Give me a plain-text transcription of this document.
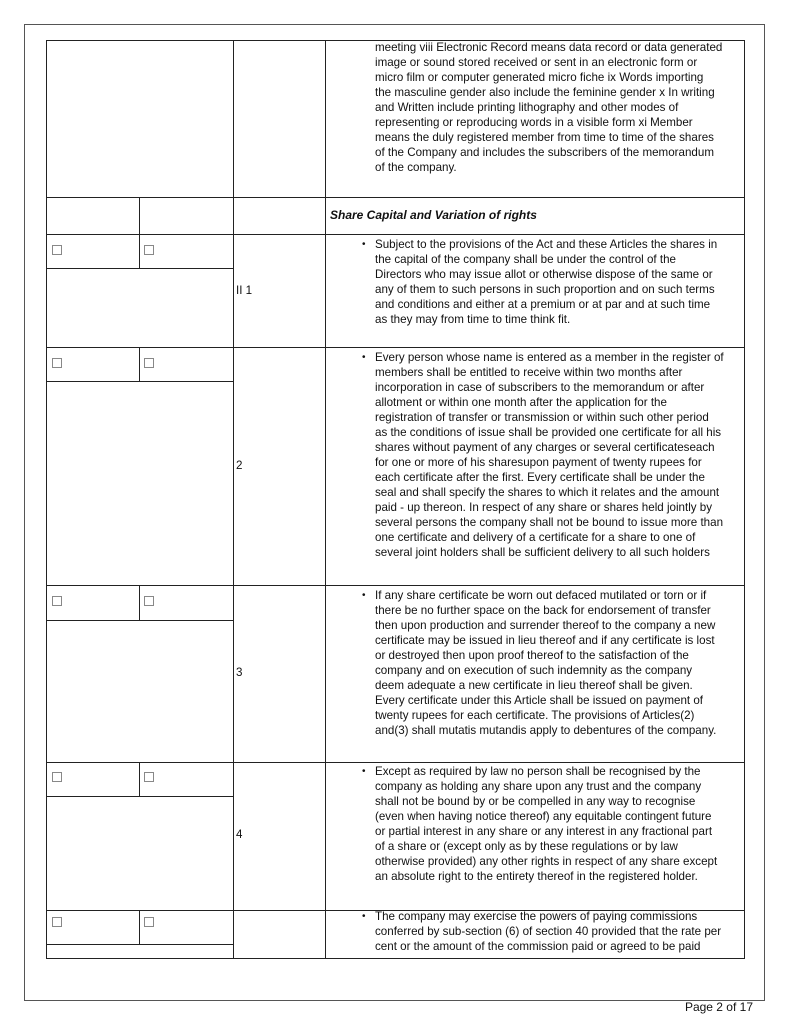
meeting viii Electronic Record means data record or data generated
image or sound stored received or sent in an electronic form or
micro film or computer generated micro fiche ix Words importing
the masculine gender also include the feminine gender x In writing
and Written include printing lithography and other modes of
representing or reproducing words in a visible form xi Member
means the duly registered member from time to time of the shares
of the Company and includes the subscribers of the memorandum
of the company.
Share Capital and Variation of rights
II 1
• Subject to the provisions of the Act and these Articles the shares in
the capital of the company shall be under the control of the
Directors who may issue allot or otherwise dispose of the same or
any of them to such persons in such proportion and on such terms
and conditions and either at a premium or at par and at such time
as they may from time to time think fit.
2
• Every person whose name is entered as a member in the register of
members shall be entitled to receive within two months after
incorporation in case of subscribers to the memorandum or after
allotment or within one month after the application for the
registration of transfer or transmission or within such other period
as the conditions of issue shall be provided one certificate for all his
shares without payment of any charges or several certificateseach
for one or more of his sharesupon payment of twenty rupees for
each certificate after the first. Every certificate shall be under the
seal and shall specify the shares to which it relates and the amount
paid - up thereon. In respect of any share or shares held jointly by
several persons the company shall not be bound to issue more than
one certificate and delivery of a certificate for a share to one of
several joint holders shall be sufficient delivery to all such holders
3
• If any share certificate be worn out defaced mutilated or torn or if
there be no further space on the back for endorsement of transfer
then upon production and surrender thereof to the company a new
certificate may be issued in lieu thereof and if any certificate is lost
or destroyed then upon proof thereof to the satisfaction of the
company and on execution of such indemnity as the company
deem adequate a new certificate in lieu thereof shall be given.
Every certificate under this Article shall be issued on payment of
twenty rupees for each certificate. The provisions of Articles(2)
and(3) shall mutatis mutandis apply to debentures of the company.
4
• Except as required by law no person shall be recognised by the
company as holding any share upon any trust and the company
shall not be bound by or be compelled in any way to recognise
(even when having notice thereof) any equitable contingent future
or partial interest in any share or any interest in any fractional part
of a share or (except only as by these regulations or by law
otherwise provided) any other rights in respect of any share except
an absolute right to the entirety thereof in the registered holder.
• The company may exercise the powers of paying commissions
conferred by sub-section (6) of section 40 provided that the rate per
cent or the amount of the commission paid or agreed to be paid
Page 2 of 17
